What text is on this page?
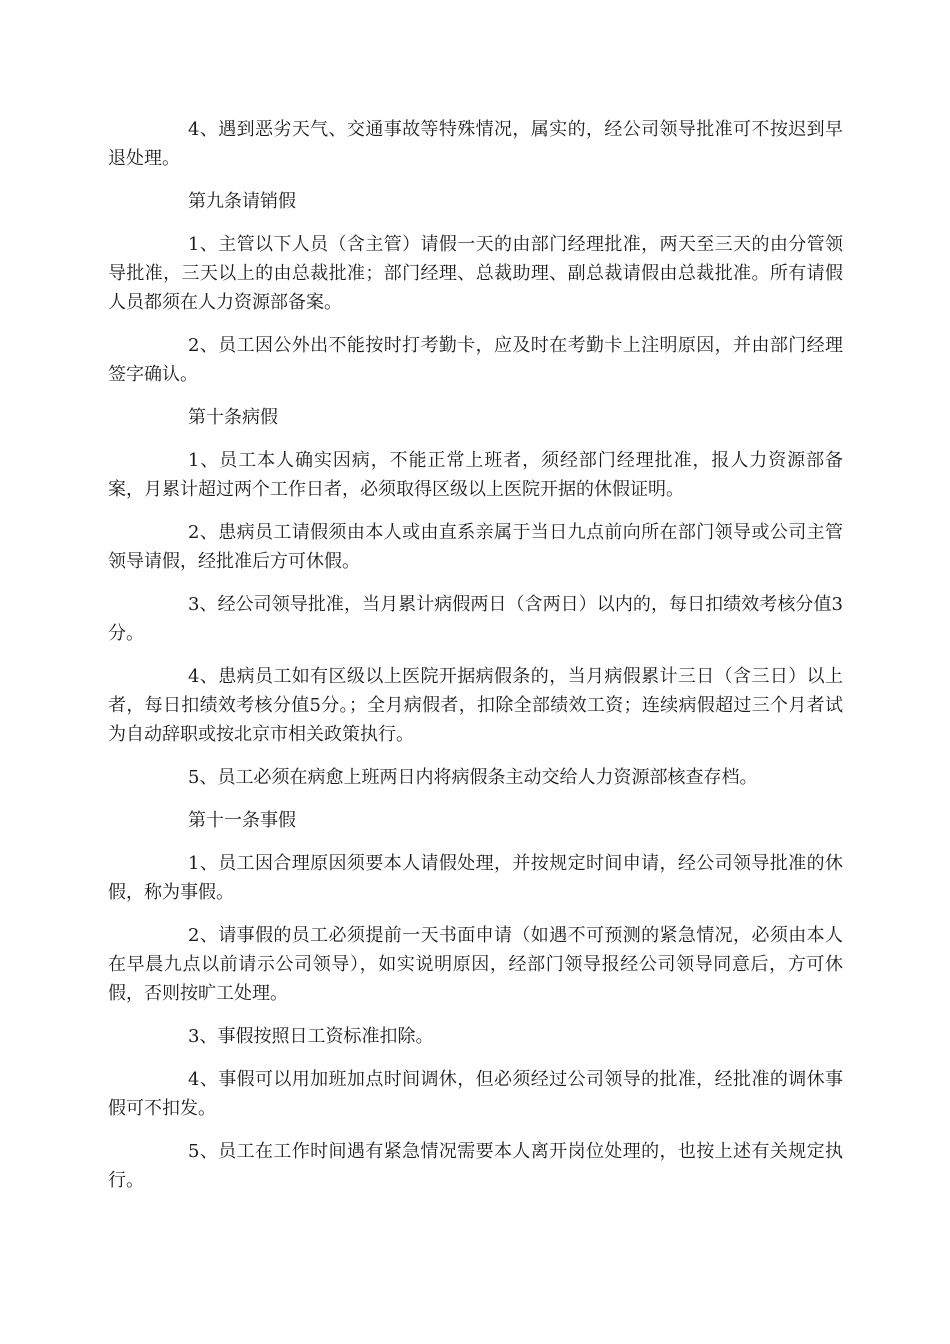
4、遇到恶劣天气、交通事故等特殊情况，属实的，经公司领导批准可不按迟到早退处理。

第九条请销假

1、主管以下人员（含主管）请假一天的由部门经理批准，两天至三天的由分管领导批准，三天以上的由总裁批准；部门经理、总裁助理、副总裁请假由总裁批准。所有请假人员都须在人力资源部备案。

2、员工因公外出不能按时打考勤卡，应及时在考勤卡上注明原因，并由部门经理签字确认。

第十条病假

1、员工本人确实因病，不能正常上班者，须经部门经理批准，报人力资源部备案，月累计超过两个工作日者，必须取得区级以上医院开据的休假证明。

2、患病员工请假须由本人或由直系亲属于当日九点前向所在部门领导或公司主管领导请假，经批准后方可休假。

3、经公司领导批准，当月累计病假两日（含两日）以内的，每日扣绩效考核分值3分。

4、患病员工如有区级以上医院开据病假条的，当月病假累计三日（含三日）以上者，每日扣绩效考核分值5分。；全月病假者，扣除全部绩效工资；连续病假超过三个月者试为自动辞职或按北京市相关政策执行。

5、员工必须在病愈上班两日内将病假条主动交给人力资源部核查存档。

第十一条事假

1、员工因合理原因须要本人请假处理，并按规定时间申请，经公司领导批准的休假，称为事假。

2、请事假的员工必须提前一天书面申请（如遇不可预测的紧急情况，必须由本人在早晨九点以前请示公司领导），如实说明原因，经部门领导报经公司领导同意后，方可休假，否则按旷工处理。

3、事假按照日工资标准扣除。

4、事假可以用加班加点时间调休，但必须经过公司领导的批准，经批准的调休事假可不扣发。

5、员工在工作时间遇有紧急情况需要本人离开岗位处理的，也按上述有关规定执行。
